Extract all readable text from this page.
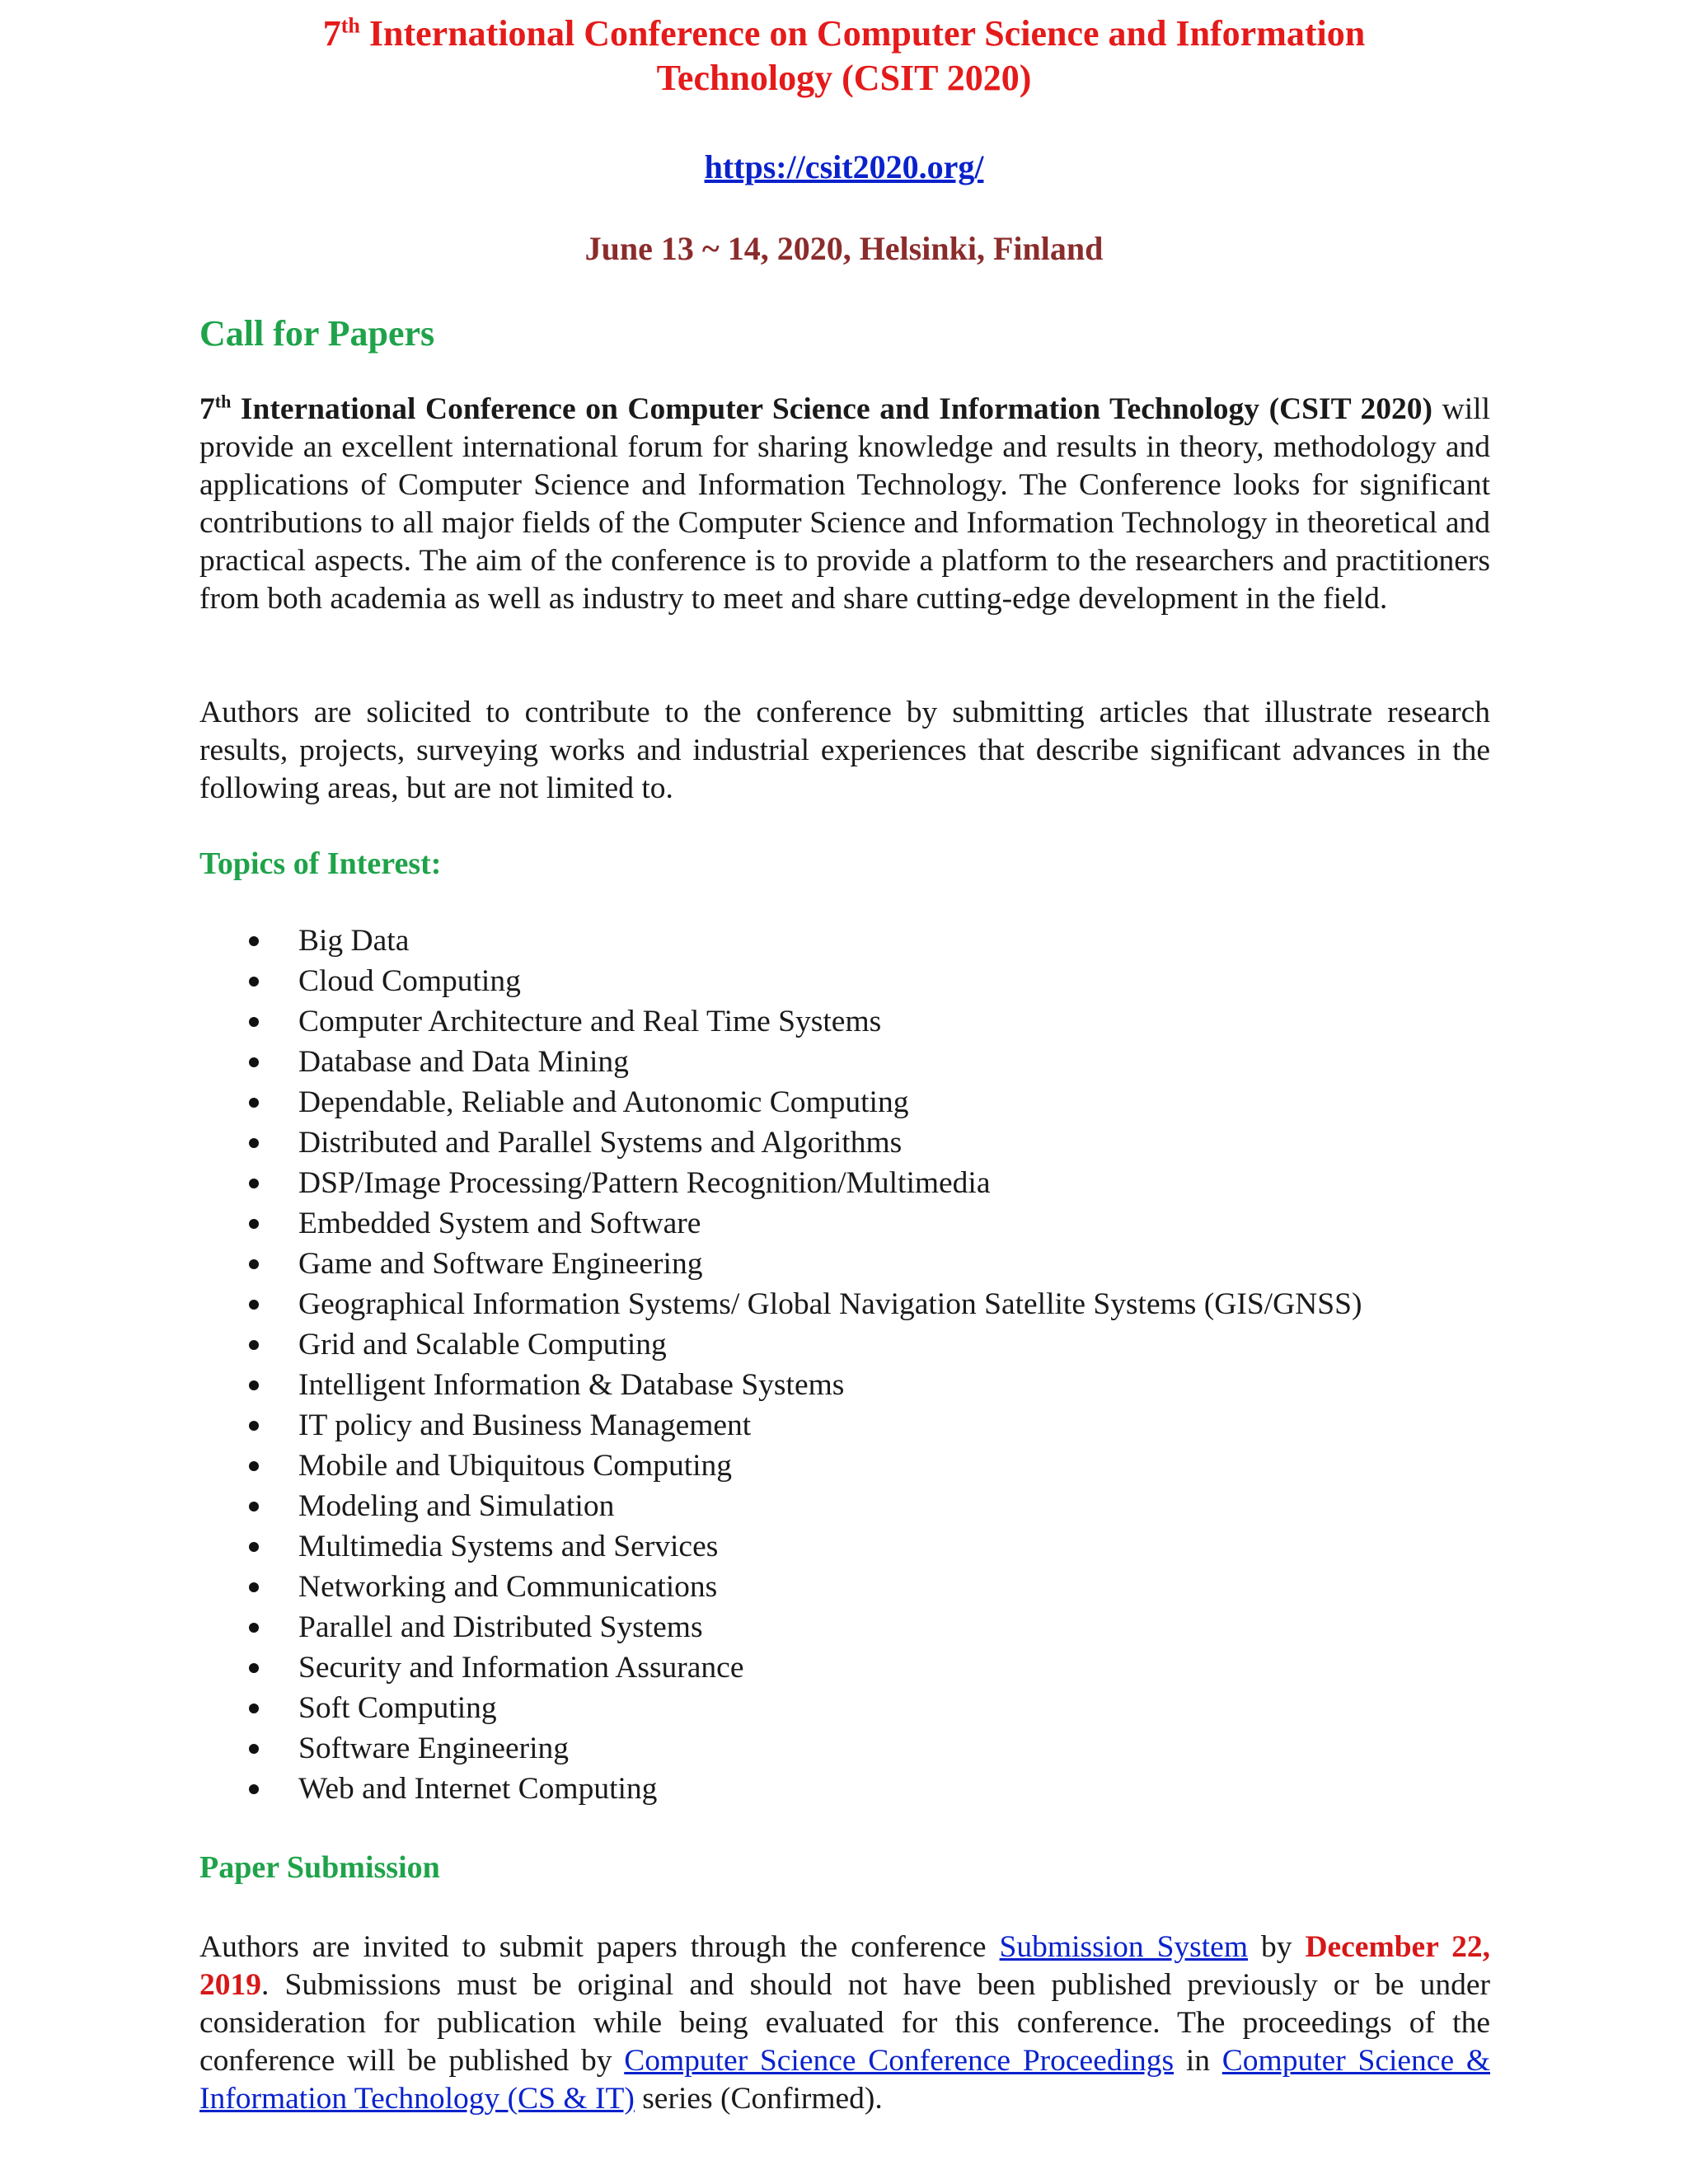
7th International Conference on Computer Science and Information
Technology (CSIT 2020)
https://csit2020.org/
June 13 ~ 14, 2020, Helsinki, Finland
Call for Papers
7th International Conference on Computer Science and Information Technology (CSIT 2020) will provide an excellent international forum for sharing knowledge and results in theory, methodology and applications of Computer Science and Information Technology. The Conference looks for significant contributions to all major fields of the Computer Science and Information Technology in theoretical and practical aspects. The aim of the conference is to provide a platform to the researchers and practitioners from both academia as well as industry to meet and share cutting-edge development in the field.
Authors are solicited to contribute to the conference by submitting articles that illustrate research results, projects, surveying works and industrial experiences that describe significant advances in the following areas, but are not limited to.
Topics of Interest:
Big Data
Cloud Computing
Computer Architecture and Real Time Systems
Database and Data Mining
Dependable, Reliable and Autonomic Computing
Distributed and Parallel Systems and Algorithms
DSP/Image Processing/Pattern Recognition/Multimedia
Embedded System and Software
Game and Software Engineering
Geographical Information Systems/ Global Navigation Satellite Systems (GIS/GNSS)
Grid and Scalable Computing
Intelligent Information & Database Systems
IT policy and Business Management
Mobile and Ubiquitous Computing
Modeling and Simulation
Multimedia Systems and Services
Networking and Communications
Parallel and Distributed Systems
Security and Information Assurance
Soft Computing
Software Engineering
Web and Internet Computing
Paper Submission
Authors are invited to submit papers through the conference Submission System by December 22, 2019. Submissions must be original and should not have been published previously or be under consideration for publication while being evaluated for this conference. The proceedings of the conference will be published by Computer Science Conference Proceedings in Computer Science & Information Technology (CS & IT) series (Confirmed).
